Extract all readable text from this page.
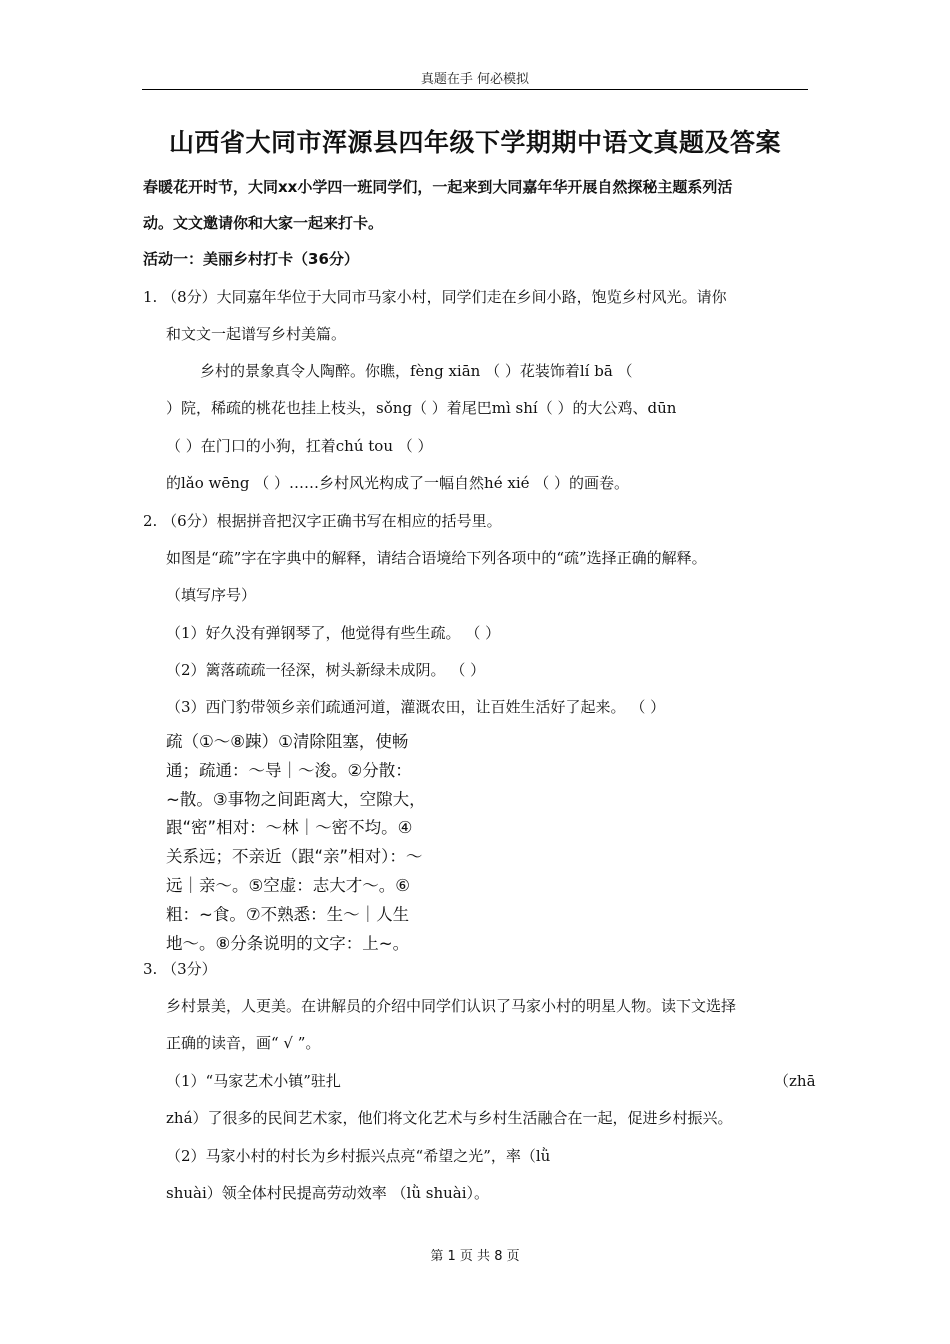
真题在手 何必模拟
山西省大同市浑源县四年级下学期期中语文真题及答案
春暖花开时节，大同xx小学四一班同学们，一起来到大同嘉年华开展自然探秘主题系列活
动。文文邀请你和大家一起来打卡。
活动一：美丽乡村打卡（36分）
1. （8分）大同嘉年华位于大同市马家小村，同学们走在乡间小路，饱览乡村风光。请你
和文文一起谱写乡村美篇。
乡村的景象真令人陶醉。你瞧，fèng xiān （ ）花装饰着lí bā （
）院，稀疏的桃花也挂上枝头，sǒng（ ）着尾巴mì shí（ ）的大公鸡、dūn
（ ）在门口的小狗，扛着chú tou （ ）
的lǎo wēng （ ）……乡村风光构成了一幅自然hé xié （ ）的画卷。
2. （6分）根据拼音把汉字正确书写在相应的括号里。
如图是“疏”字在字典中的解释，请结合语境给下列各项中的“疏”选择正确的解释。
（填写序号）
（1）好久没有弹钢琴了，他觉得有些生疏。 （ ）
（2）篱落疏疏一径深，树头新绿未成阴。 （ ）
（3）西门豹带领乡亲们疏通河道，灌溉农田，让百姓生活好了起来。 （ ）
疏（①～⑧踈）①清除阻塞，使畅
通；疏通：～导｜～浚。②分散：
~散。③事物之间距离大，空隙大，
跟“密”相对：～林｜～密不均。④
关系远；不亲近（跟“亲”相对）：～
远｜亲～。⑤空虚：志大才～。⑥
粗：~食。⑦不熟悉：生～｜人生
地～。⑧分条说明的文字：上~。
3. （3分）
乡村景美，人更美。在讲解员的介绍中同学们认识了马家小村的明星人物。读下文选择
正确的读音，画“ √ ”。
（1）“马家艺术小镇”驻扎	（zhā
zhá）了很多的民间艺术家，他们将文化艺术与乡村生活融合在一起，促进乡村振兴。
（2）马家小村的村长为乡村振兴点亮“希望之光”，率（lǜ
shuài）领全体村民提高劳动效率 （lǜ shuài）。
第 1 页 共 8 页
